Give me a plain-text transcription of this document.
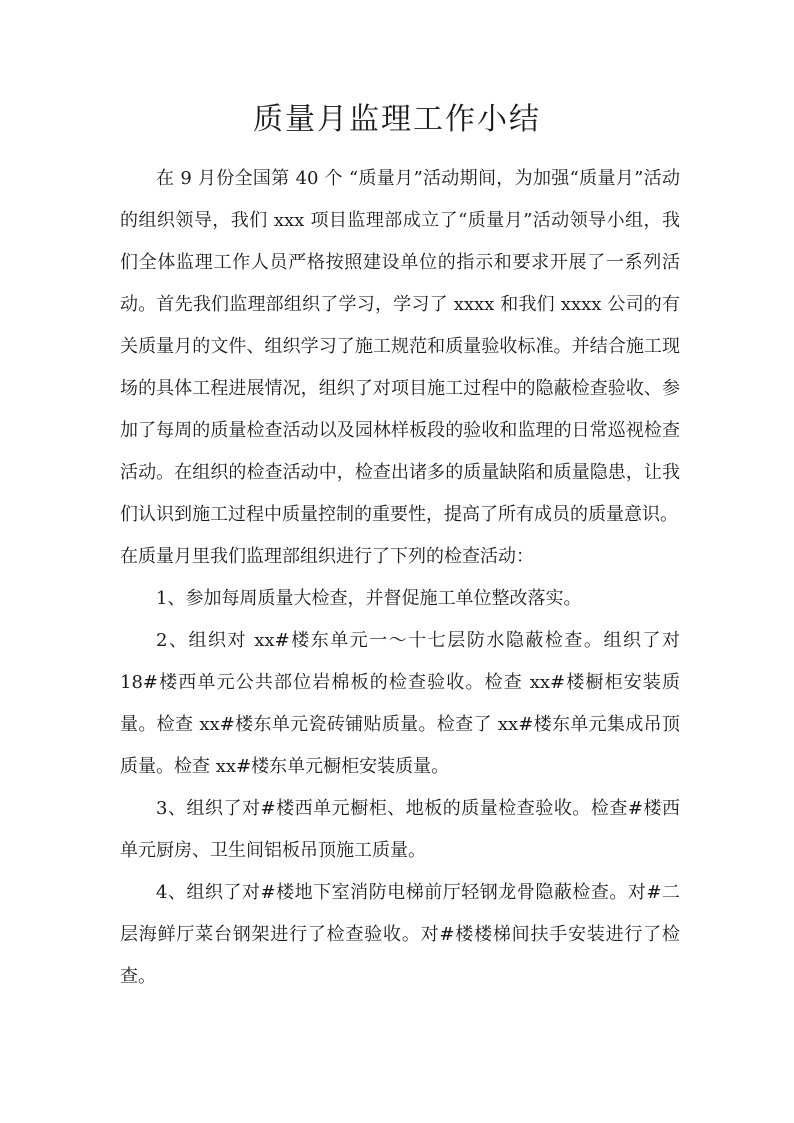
质量月监理工作小结

在 9 月份全国第 40 个 “质量月”活动期间，为加强“质量月”活动的组织领导，我们 xxx 项目监理部成立了“质量月”活动领导小组，我们全体监理工作人员严格按照建设单位的指示和要求开展了一系列活动。首先我们监理部组织了学习，学习了 xxxx 和我们 xxxx 公司的有关质量月的文件、组织学习了施工规范和质量验收标准。并结合施工现场的具体工程进展情况，组织了对项目施工过程中的隐蔽检查验收、参加了每周的质量检查活动以及园林样板段的验收和监理的日常巡视检查活动。在组织的检查活动中，检查出诸多的质量缺陷和质量隐患，让我们认识到施工过程中质量控制的重要性，提高了所有成员的质量意识。

在质量月里我们监理部组织进行了下列的检查活动：

1、参加每周质量大检查，并督促施工单位整改落实。

2、组织对 xx#楼东单元一～十七层防水隐蔽检查。组织了对 18#楼西单元公共部位岩棉板的检查验收。检查 xx#楼橱柜安装质量。检查 xx#楼东单元瓷砖铺贴质量。检查了 xx#楼东单元集成吊顶质量。检查 xx#楼东单元橱柜安装质量。

3、组织了对#楼西单元橱柜、地板的质量检查验收。检查#楼西单元厨房、卫生间铝板吊顶施工质量。

4、组织了对#楼地下室消防电梯前厅轻钢龙骨隐蔽检查。对#二层海鲜厅菜台钢架进行了检查验收。对#楼楼梯间扶手安装进行了检查。
